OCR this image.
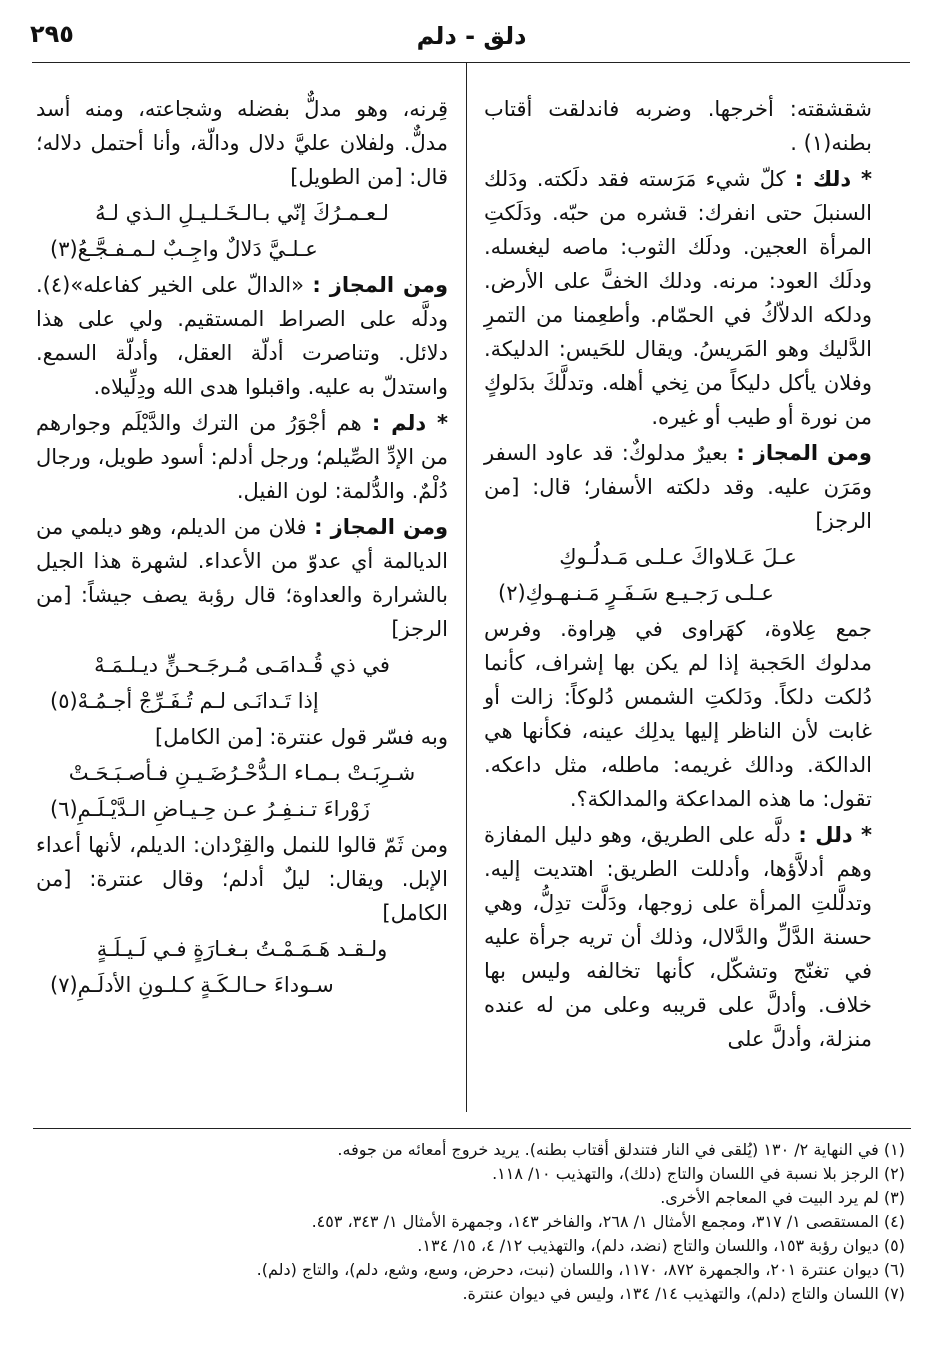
دلق - دلم
٢٩٥

شقشقته: أخرجها. وضربه فاندلقت أقتاب بطنه(١) .

* دلك : كلّ شيء مَرَسته فقد دلَكته. ودَلك السنبلَ حتى انفرك: قشره من حبّه. ودَلَكتِ المرأة العجين. ودلَك الثوب: ماصه ليغسله. ودلَك العود: مرنه. ودلك الخفَّ على الأرض. ودلكه الدلاّكُ في الحمّام. وأطعِمنا من التمرِ الدَّليك وهو المَريسُ. ويقال للحَيس: الدليكة. وفلان يأكل دليكاً من نِخي أهله. وتدلَّكَ بدَلوكٍ من نورة أو طيب أو غيره.

ومن المجاز : بعيرٌ مدلوكٌ: قد عاود السفر ومَرَن عليه. وقد دلكته الأسفار؛ قال: [من الرجز]

عـلَ عَـلاواكَ عـلـى مَـدلُـوكِ
عـلـى رَجـيـع سَـفَـرٍ مَـنـهـوكِ(٢)

جمع عِلاوة، كهَراوى في هِراوة. وفرس مدلوك الحَجبة إذا لم يكن بها إشراف، كأنما دُلكت دلكاً. ودَلكتِ الشمس دُلوكاً: زالت أو غابت لأن الناظر إليها يدلِك عينه، فكأنها هي الدالكة. ودالك غريمه: ماطله، مثل داعكه. تقول: ما هذه المداعكة والمدالكة؟.

* دلل : دلَّه على الطريق، وهو دليل المفازة وهم أدلاَّؤها، وأدللت الطريق: اهتديت إليه. وتدلَّلتِ المرأة على زوجها، ودَلَّت تدِلُّ، وهي حسنة الدَّلِّ والدَّلال، وذلك أن تريه جرأة عليه في تغنّج وتشكّل، كأنها تخالفه وليس بها خلاف. وأدلَّ على قريبه وعلى من له عنده منزلة، وأدلَّ على

قِرنه، وهو مدلٌّ بفضله وشجاعته، ومنه أسد مدلٌّ. ولفلان عليَّ دلال ودالّة، وأنا أحتمل دلاله؛ قال: [من الطويل]

لـعـمـرُكَ إنّي بـالـخَـلـيـلِ الـذي لـهُ
عـلـيَّ دَلالٌ واجِـبٌ لـمـفـجَّـعُ(٣)

ومن المجاز : «الدالّ على الخير كفاعله»(٤). ودلَّه على الصراط المستقيم. ولي على هذا دلائل. وتناصرت أدلّة العقل، وأدلّة السمع. واستدلّ به عليه. واقبلوا هدى الله ودِلِّيلاه.

* دلم : هم أجْوَرُ من الترك والدَّيْلَم وجوارهم من الإدِّ الصِّيلم؛ ورجل أدلم: أسود طويل، ورجال دُلْمٌ. والدُّلمة: لون الفيل.

ومن المجاز : فلان من الديلم، وهو ديلمي من الديالمة أي عدوّ من الأعداء. لشهرة هذا الجيل بالشرارة والعداوة؛ قال رؤبة يصف جيشاً: [من الرجز]

في ذي قُـدامَـى مُـرجَـحـنٍّ ديـلـمَـهْ
إذا تَـدانَـى لـم تُـفَـرِّجْ أجـمُـهْ(٥)

وبه فسّر قول عنترة: [من الكامل]

شـرِبَـتْ بـمـاء الـدُّحْـرُضَـيـنِ فـأصـبَـحَـتْ
زَوْراءَ تـنـفِـرُ عـن حِـيـاضِ الـدَّيْـلَـمِ(٦)

ومن ثَمّ قالوا للنمل والقِرْدان: الديلم، لأنها أعداء الإبل. ويقال: ليلٌ أدلم؛ وقال عنترة: [من الكامل]

ولـقـد هَـمَـمْـتُ بـغـارَةٍ فـي لَـيـلَـةٍ
سـوداءَ حـالـكَـةٍ كـلـونِ الأدلَـمِ(٧)
(١) في النهاية ٢/ ١٣٠ (يُلقى في النار فتندلق أقتاب بطنه). يريد خروج أمعائه من جوفه.
(٢) الرجز بلا نسبة في اللسان والتاج (دلك)، والتهذيب ١٠/ ١١٨.
(٣) لم يرد البيت في المعاجم الأخرى.
(٤) المستقصى ١/ ٣١٧، ومجمع الأمثال ١/ ٢٦٨، والفاخر ١٤٣، وجمهرة الأمثال ١/ ٣٤٣، ٤٥٣.
(٥) ديوان رؤبة ١٥٣، واللسان والتاج (نضد، دلم)، والتهذيب ١٢/ ٤، ١٥/ ١٣٤.
(٦) ديوان عنترة ٢٠١، والجمهرة ٨٧٢، ١١٧٠، واللسان (نبت، دحرض، وسع، وشع، دلم)، والتاج (دلم).
(٧) اللسان والتاج (دلم)، والتهذيب ١٤/ ١٣٤، وليس في ديوان عنترة.
